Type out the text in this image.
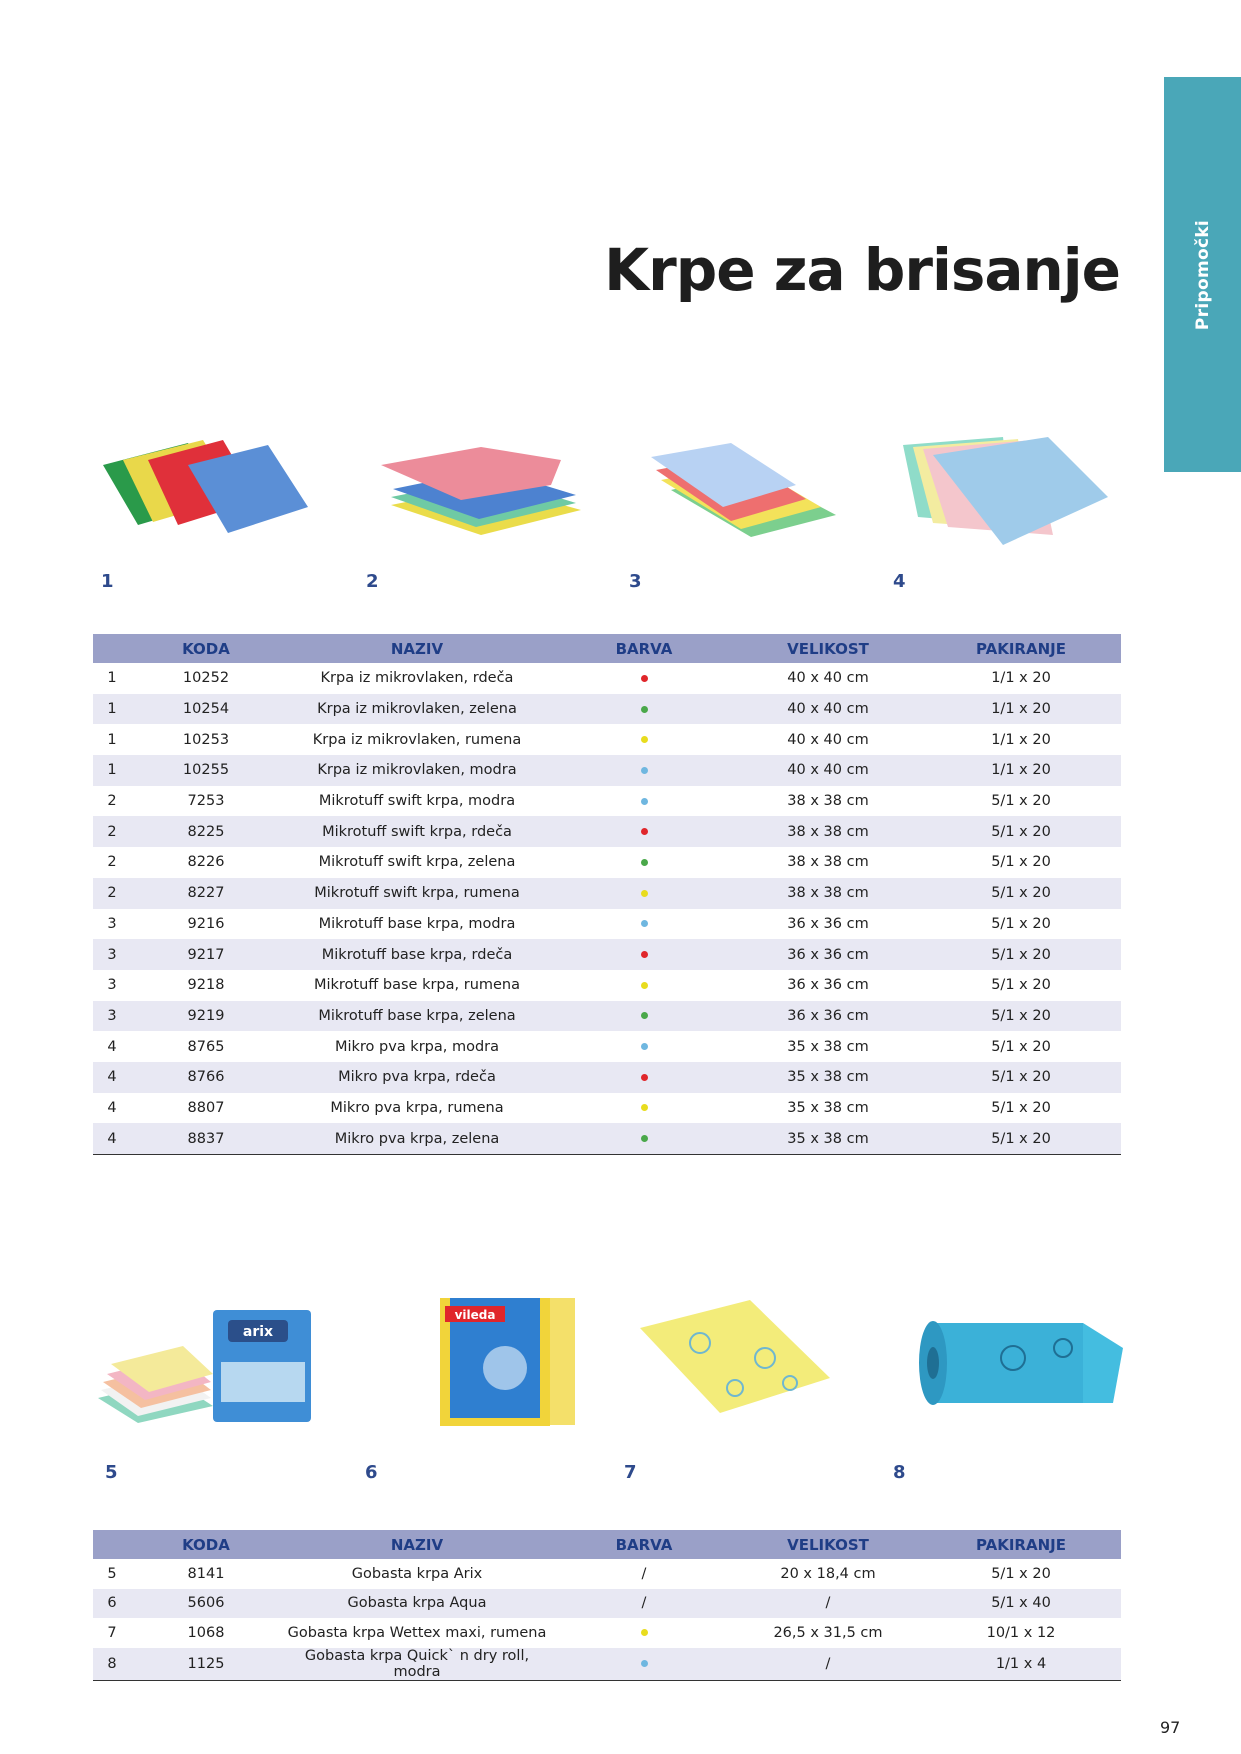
Pripomočki
Krpe za brisanje
1	2	3	4
	KODA	NAZIV	BARVA	VELIKOST	PAKIRANJE
1	10252	Krpa iz mikrovlaken, rdeča		40 x 40 cm	1/1 x 20
1	10254	Krpa iz mikrovlaken, zelena		40 x 40 cm	1/1 x 20
1	10253	Krpa iz mikrovlaken, rumena		40 x 40 cm	1/1 x 20
1	10255	Krpa iz mikrovlaken, modra		40 x 40 cm	1/1 x 20
2	7253	Mikrotuff swift krpa, modra		38 x 38 cm	5/1 x 20
2	8225	Mikrotuff swift krpa, rdeča		38 x 38 cm	5/1 x 20
2	8226	Mikrotuff swift krpa, zelena		38 x 38 cm	5/1 x 20
2	8227	Mikrotuff swift krpa, rumena		38 x 38 cm	5/1 x 20
3	9216	Mikrotuff base krpa, modra		36 x 36 cm	5/1 x 20
3	9217	Mikrotuff base krpa, rdeča		36 x 36 cm	5/1 x 20
3	9218	Mikrotuff base krpa, rumena		36 x 36 cm	5/1 x 20
3	9219	Mikrotuff base krpa, zelena		36 x 36 cm	5/1 x 20
4	8765	Mikro pva krpa, modra		35 x 38 cm	5/1 x 20
4	8766	Mikro pva krpa, rdeča		35 x 38 cm	5/1 x 20
4	8807	Mikro pva krpa, rumena		35 x 38 cm	5/1 x 20
4	8837	Mikro pva krpa, zelena		35 x 38 cm	5/1 x 20
arix
vileda
5	6	7	8
	KODA	NAZIV	BARVA	VELIKOST	PAKIRANJE
5	8141	Gobasta krpa Arix	/	20 x 18,4 cm	5/1 x 20
6	5606	Gobasta krpa Aqua	/	/	5/1 x 40
7	1068	Gobasta krpa Wettex maxi, rumena		26,5 x 31,5 cm	10/1 x 12
8	1125	Gobasta krpa Quick` n dry roll, modra		/	1/1 x 4
97
